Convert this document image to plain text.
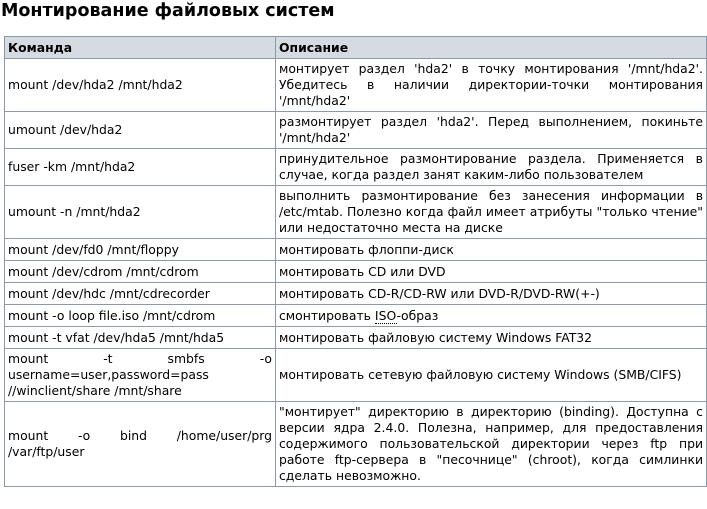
Монтирование файловых систем
Команда	Описание
mount /dev/hda2 /mnt/hda2	монтирует раздел 'hda2' в точку монтирования '/mnt/hda2'. Убедитесь в наличии директории-точки монтирования '/mnt/hda2'
umount /dev/hda2	размонтирует раздел 'hda2'. Перед выполнением, покиньте '/mnt/hda2'
fuser -km /mnt/hda2	принудительное размонтирование раздела. Применяется в случае, когда раздел занят каким-либо пользователем
umount -n /mnt/hda2	выполнить размонтирование без занесения информации в /etc/mtab. Полезно когда файл имеет атрибуты "только чтение" или недостаточно места на диске
mount /dev/fd0 /mnt/floppy	монтировать флоппи-диск
mount /dev/cdrom /mnt/cdrom	монтировать CD или DVD
mount /dev/hdc /mnt/cdrecorder	монтировать CD-R/CD-RW или DVD-R/DVD-RW(+-)
mount -o loop file.iso /mnt/cdrom	смонтировать ISO-образ
mount -t vfat /dev/hda5 /mnt/hda5	монтировать файловую систему Windows FAT32
mount -t smbfs -o username=user,password=pass //winclient/share /mnt/share	монтировать сетевую файловую систему Windows (SMB/CIFS)
mount -o bind /home/user/prg /var/ftp/user	"монтирует" директорию в директорию (binding). Доступна с версии ядра 2.4.0. Полезна, например, для предоставления содержимого пользовательской директории через ftp при работе ftp-сервера в "песочнице" (chroot), когда симлинки сделать невозможно.
